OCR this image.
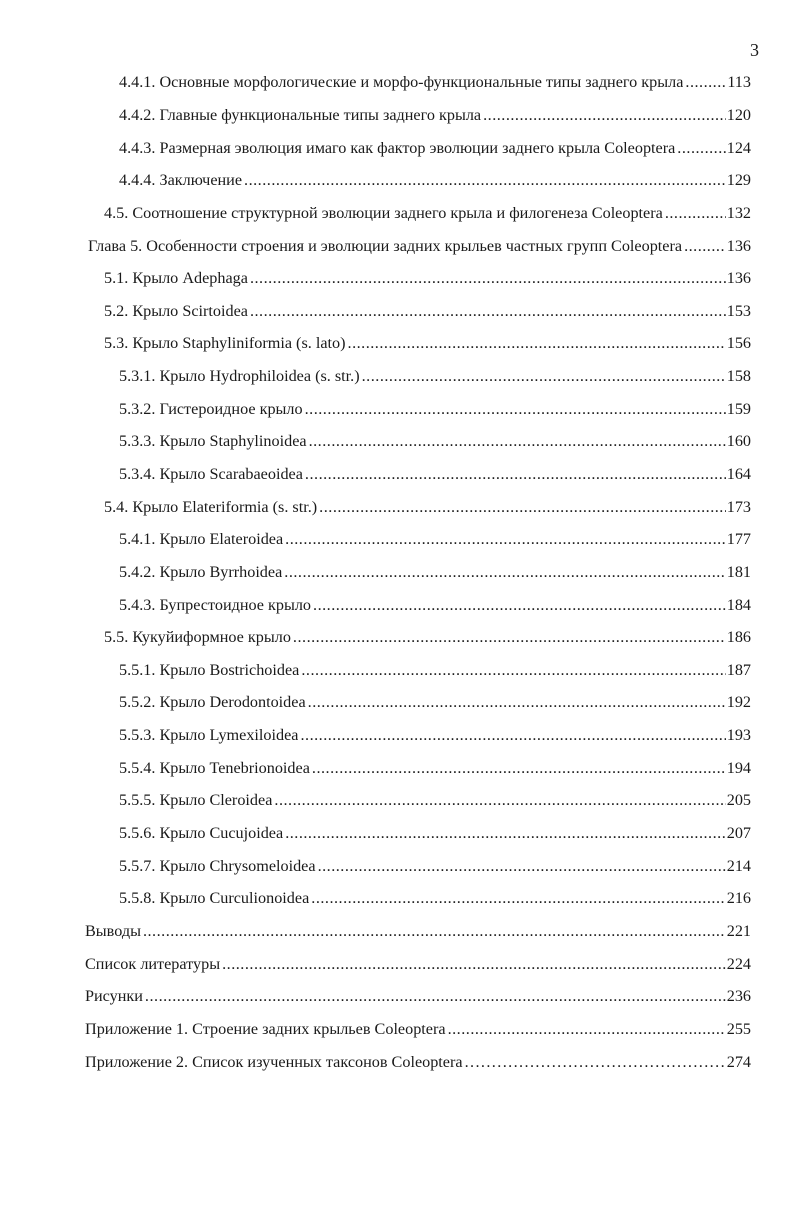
3
4.4.1. Основные морфологические и морфо-функциональные типы заднего крыла .....	113
4.4.2. Главные функциональные типы заднего крыла .....	120
4.4.3. Размерная эволюция имаго как фактор эволюции заднего крыла Coleoptera .....	124
4.4.4. Заключение .....	129
4.5. Соотношение структурной эволюции заднего крыла и филогенеза Coleoptera .....	132
Глава 5. Особенности строения и эволюции задних крыльев частных групп Coleoptera .....	136
5.1. Крыло Adephaga .....	136
5.2. Крыло Scirtoidea .....	153
5.3. Крыло Staphyliniformia (s. lato) .....	156
5.3.1. Крыло Hydrophiloidea (s. str.) .....	158
5.3.2. Гистероидное крыло .....	159
5.3.3. Крыло Staphylinoidea .....	160
5.3.4. Крыло Scarabaeoidea .....	164
5.4. Крыло Elateriformia (s. str.) .....	173
5.4.1. Крыло Elateroidea .....	177
5.4.2. Крыло Byrrhoidea .....	181
5.4.3. Бупрестоидное крыло .....	184
5.5. Кукуйиформное крыло .....	186
5.5.1. Крыло Bostrichoidea .....	187
5.5.2. Крыло Derodontoidea .....	192
5.5.3. Крыло Lymexiloidea .....	193
5.5.4. Крыло Tenebrionoidea .....	194
5.5.5. Крыло Cleroidea .....	205
5.5.6. Крыло Cucujoidea .....	207
5.5.7. Крыло Chrysomeloidea .....	214
5.5.8. Крыло Curculionoidea .....	216
Выводы .....	221
Список литературы .....	224
Рисунки .....	236
Приложение 1. Строение задних крыльев Coleoptera .....	255
Приложение 2. Список изученных таксонов Coleoptera .....	274
